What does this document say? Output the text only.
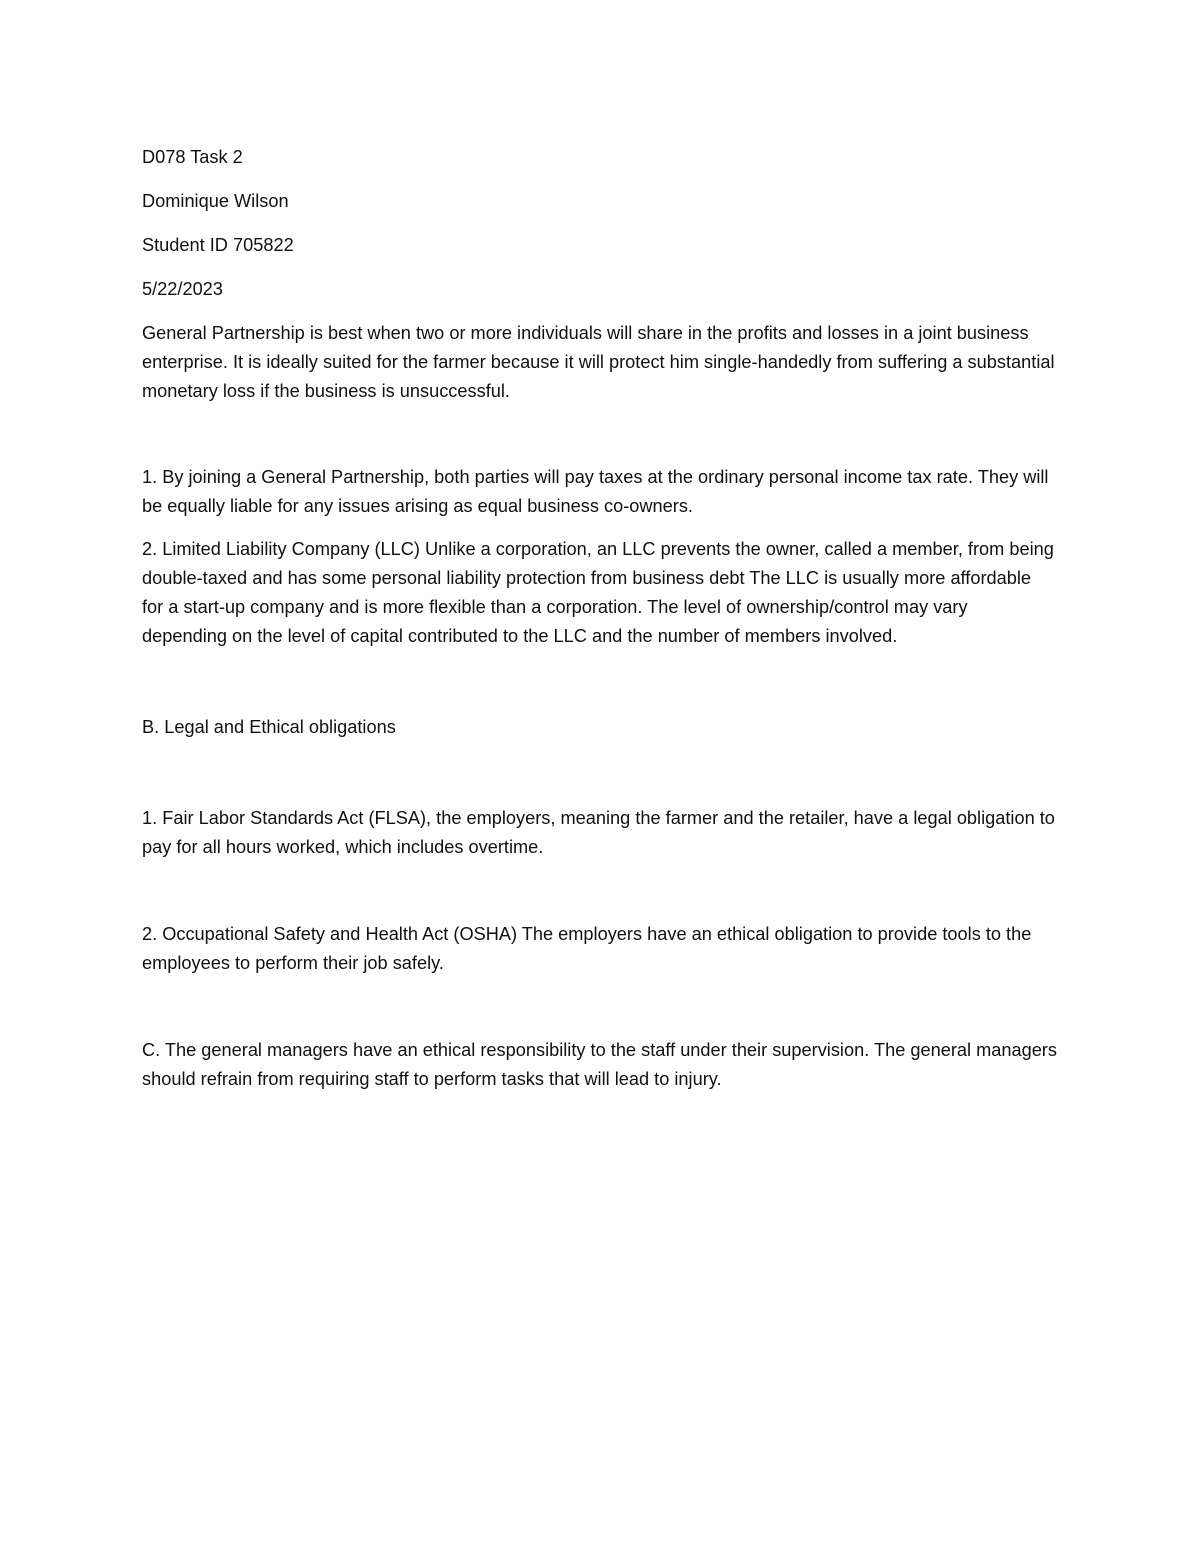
D078 Task 2

Dominique Wilson

Student ID 705822

5/22/2023

General Partnership is best when two or more individuals will share in the profits and losses in a joint business enterprise. It is ideally suited for the farmer because it will protect him single-handedly from suffering a substantial monetary loss if the business is unsuccessful.

1. By joining a General Partnership, both parties will pay taxes at the ordinary personal income tax rate. They will be equally liable for any issues arising as equal business co-owners.

2. Limited Liability Company (LLC) Unlike a corporation, an LLC prevents the owner, called a member, from being double-taxed and has some personal liability protection from business debt The LLC is usually more affordable for a start-up company and is more flexible than a corporation. The level of ownership/control may vary depending on the level of capital contributed to the LLC and the number of members involved.

B. Legal and Ethical obligations

1. Fair Labor Standards Act (FLSA), the employers, meaning the farmer and the retailer, have a legal obligation to pay for all hours worked, which includes overtime.

2. Occupational Safety and Health Act (OSHA) The employers have an ethical obligation to provide tools to the employees to perform their job safely.

C. The general managers have an ethical responsibility to the staff under their supervision. The general managers should refrain from requiring staff to perform tasks that will lead to injury.
